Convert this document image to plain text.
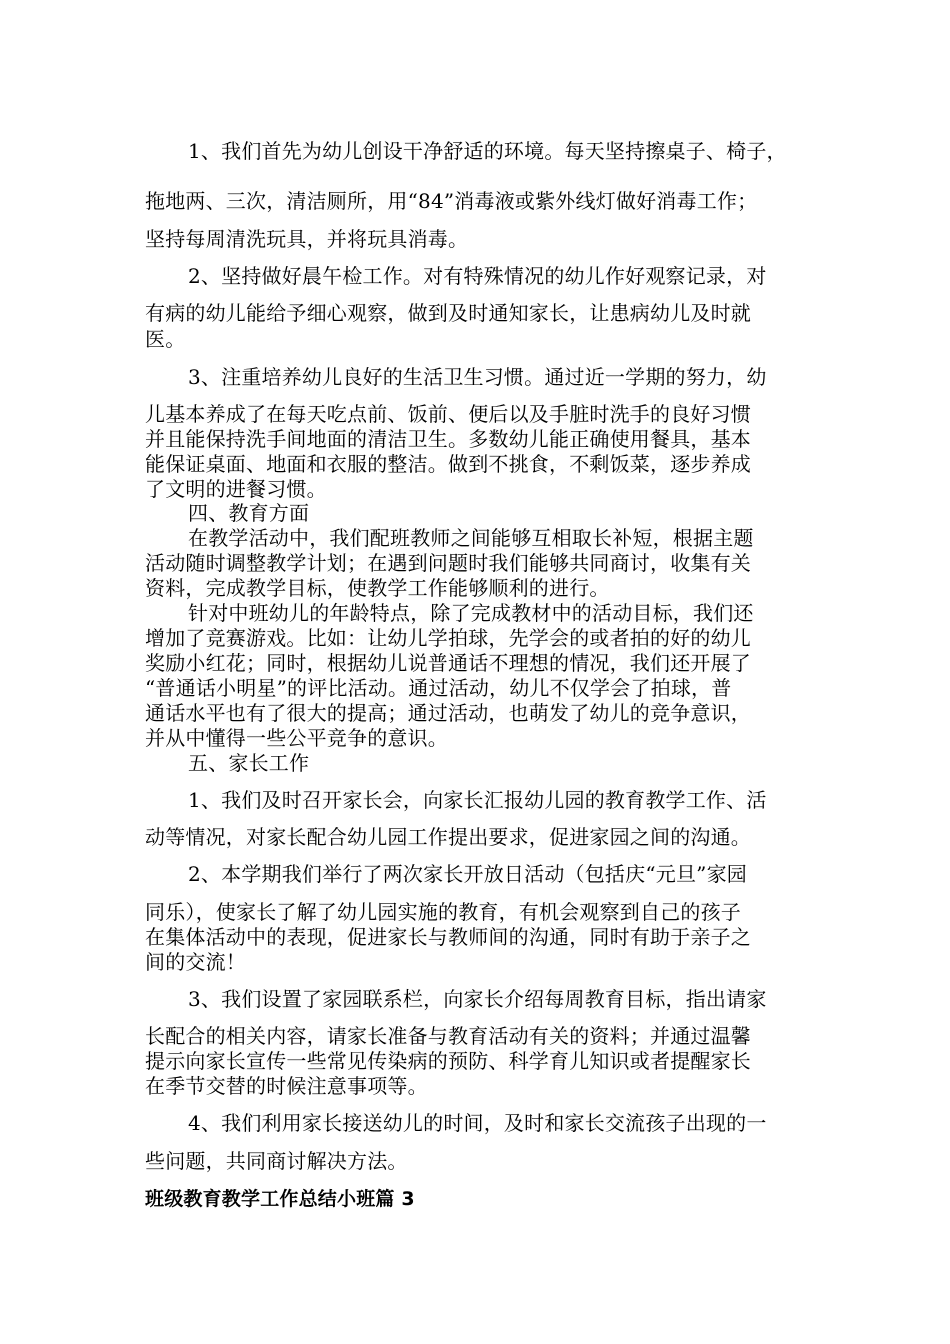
1、我们首先为幼儿创设干净舒适的环境。每天坚持擦桌子、椅子，
拖地两、三次，清洁厕所，用“84”消毒液或紫外线灯做好消毒工作；
坚持每周清洗玩具，并将玩具消毒。
2、坚持做好晨午检工作。对有特殊情况的幼儿作好观察记录，对
有病的幼儿能给予细心观察，做到及时通知家长，让患病幼儿及时就
医。
3、注重培养幼儿良好的生活卫生习惯。通过近一学期的努力，幼
儿基本养成了在每天吃点前、饭前、便后以及手脏时洗手的良好习惯
并且能保持洗手间地面的清洁卫生。多数幼儿能正确使用餐具，基本
能保证桌面、地面和衣服的整洁。做到不挑食，不剩饭菜，逐步养成
了文明的进餐习惯。
四、教育方面
在教学活动中，我们配班教师之间能够互相取长补短，根据主题
活动随时调整教学计划；在遇到问题时我们能够共同商讨，收集有关
资料，完成教学目标，使教学工作能够顺利的进行。
针对中班幼儿的年龄特点，除了完成教材中的活动目标，我们还
增加了竞赛游戏。比如：让幼儿学拍球，先学会的或者拍的好的幼儿
奖励小红花；同时，根据幼儿说普通话不理想的情况，我们还开展了
“普通话小明星”的评比活动。通过活动，幼儿不仅学会了拍球，普
通话水平也有了很大的提高；通过活动，也萌发了幼儿的竞争意识，
并从中懂得一些公平竞争的意识。
五、家长工作
1、我们及时召开家长会，向家长汇报幼儿园的教育教学工作、活
动等情况，对家长配合幼儿园工作提出要求，促进家园之间的沟通。
2、本学期我们举行了两次家长开放日活动（包括庆“元旦”家园
同乐），使家长了解了幼儿园实施的教育，有机会观察到自己的孩子
在集体活动中的表现，促进家长与教师间的沟通，同时有助于亲子之
间的交流！
3、我们设置了家园联系栏，向家长介绍每周教育目标，指出请家
长配合的相关内容，请家长准备与教育活动有关的资料；并通过温馨
提示向家长宣传一些常见传染病的预防、科学育儿知识或者提醒家长
在季节交替的时候注意事项等。
4、我们利用家长接送幼儿的时间，及时和家长交流孩子出现的一
些问题，共同商讨解决方法。
班级教育教学工作总结小班篇 3
